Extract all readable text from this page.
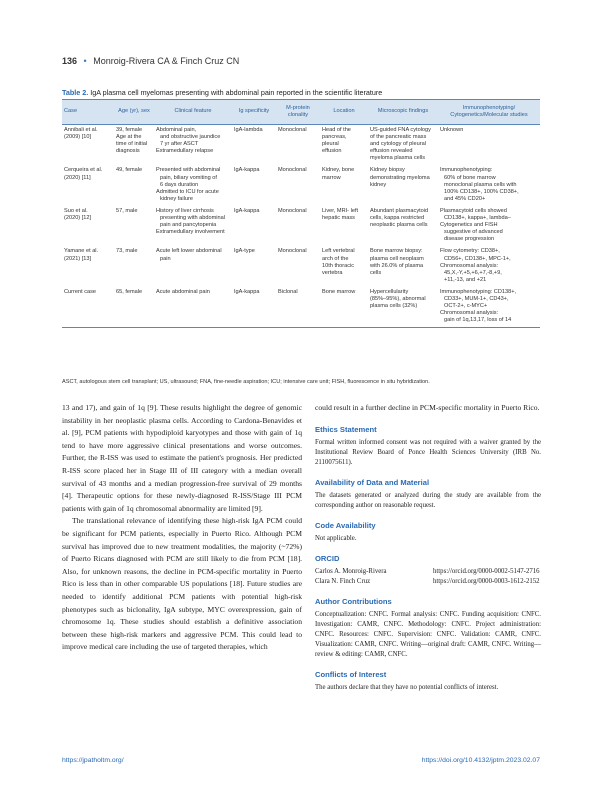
136 • Monroig-Rivera CA & Finch Cruz CN
Table 2. IgA plasma cell myelomas presenting with abdominal pain reported in the scientific literature
Case	Age (yr), sex	Clinical feature	Ig specificity	M-protein clonality	Location	Microscopic findings	Immunophenotyping/ Cytogenetics/Molecular studies

Annibali et al.
(2009) [10]	39, female
Age at the
time of initial
diagnosis	Abdominal pain,
and obstructive jaundice
7 yr after ASCT
Extramedullary relapse	IgA-lambda	Monoclonal	Head of the
pancreas,
pleural
effusion	US-guided FNA cytology
of the pancreatic mass
and cytology of pleural
effusion revealed
myeloma plasma cells	Unknown

Cerqueira et al.
(2020) [11]	49, female	Presented with abdominal
pain, biliary vomiting of
6 days duration
Admitted to ICU for acute
kidney failure	IgA-kappa	Monoclonal	Kidney, bone
marrow	Kidney biopsy
demonstrating myeloma
kidney	Immunophenotyping:
60% of bone marrow
monoclonal plasma cells with
100% CD138+, 100% CD38+,
and 45% CD20+

Suo et al.
(2020) [12]	57, male	History of liver cirrhosis
presenting with abdominal
pain and pancytopenia
Extramedullary involvement	IgA-kappa	Monoclonal	Liver, MRI- left
hepatic mass	Abundant plasmacytoid
cells, kappa restricted
neoplastic plasma cells	Plasmacytoid cells showed
CD138+, kappa+, lambda–
Cytogenetics and FISH
suggestive of advanced
disease progression

Yamane et al.
(2021) [13]	73, male	Acute left lower abdominal
pain	IgA-type	Monoclonal	Left vertebral
arch of the
10th thoracic
vertebra	Bone marrow biopsy:
plasma cell neoplasm
with 26.0% of plasma
cells	Flow cytometry: CD38+,
CD56+, CD138+, MPC-1+,
Chromosomal analysis:
45,X,-Y,+5,+6,+7,-8,+9,
+11,-13, and +21

Current case	65, female	Acute abdominal pain	IgA-kappa	Biclonal	Bone marrow	Hypercellularity
(85%–95%), abnormal
plasma cells (32%)	Immunophenotyping: CD138+,
CD33+, MUM-1+, CD43+,
OCT-2+, c-MYC+
Chromosomal analysis:
gain of 1q,13,17, loss of 14
ASCT, autologous stem cell transplant; US, ultrasound; FNA, fine-needle aspiration; ICU; intensive care unit; FISH, fluorescence in situ hybridization.

13 and 17), and gain of 1q [9]. These results highlight the degree of genomic instability in her neoplastic plasma cells. According to Cardona-Benavides et al. [9], PCM patients with hypodiploid karyotypes and those with gain of 1q tend to have more aggressive clinical presentations and worse outcomes. Further, the R-ISS was used to estimate the patient's prognosis. Her predicted R-ISS score placed her in Stage III of III category with a median overall survival of 43 months and a median progression-free survival of 29 months [4]. Therapeutic options for these newly-diagnosed R-ISS/Stage III PCM patients with gain of 1q chromosomal abnormality are limited [9].

The translational relevance of identifying these high-risk IgA PCM could be significant for PCM patients, especially in Puerto Rico. Although PCM survival has improved due to new treatment modalities, the majority (~72%) of Puerto Ricans diagnosed with PCM are still likely to die from PCM [18]. Also, for unknown reasons, the decline in PCM-specific mortality in Puerto Rico is less than in other comparable US populations [18]. Future studies are needed to identify additional PCM patients with potential high-risk phenotypes such as biclonality, IgA subtype, MYC overexpression, gain of chromosome 1q. These studies should establish a definitive association between these high-risk markers and aggressive PCM. This could lead to improve medical care including the use of targeted therapies, which

could result in a further decline in PCM-specific mortality in Puerto Rico.

Ethics Statement

Formal written informed consent was not required with a waiver granted by the Institutional Review Board of Ponce Health Sciences University (IRB No. 2110075611).

Availability of Data and Material

The datasets generated or analyzed during the study are available from the corresponding author on reasonable request.

Code Availability

Not applicable.

ORCID
Carlos A. Monroig-Rivera	https://orcid.org/0000-0002-5147-2716
Clara N. Finch Cruz	https://orcid.org/0000-0003-1612-2152
Author Contributions

Conceptualization: CNFC. Formal analysis: CNFC. Funding acquisition: CNFC. Investigation: CAMR, CNFC. Methodology: CNFC. Project administration: CNFC. Resources: CNFC. Supervision: CNFC. Validation: CAMR, CNFC. Visualization: CAMR, CNFC. Writing—original draft: CAMR, CNFC. Writing—review & editing: CAMR, CNFC.

Conflicts of Interest

The authors declare that they have no potential conflicts of interest.

https://jpatholtm.org/	https://doi.org/10.4132/jptm.2023.02.07
